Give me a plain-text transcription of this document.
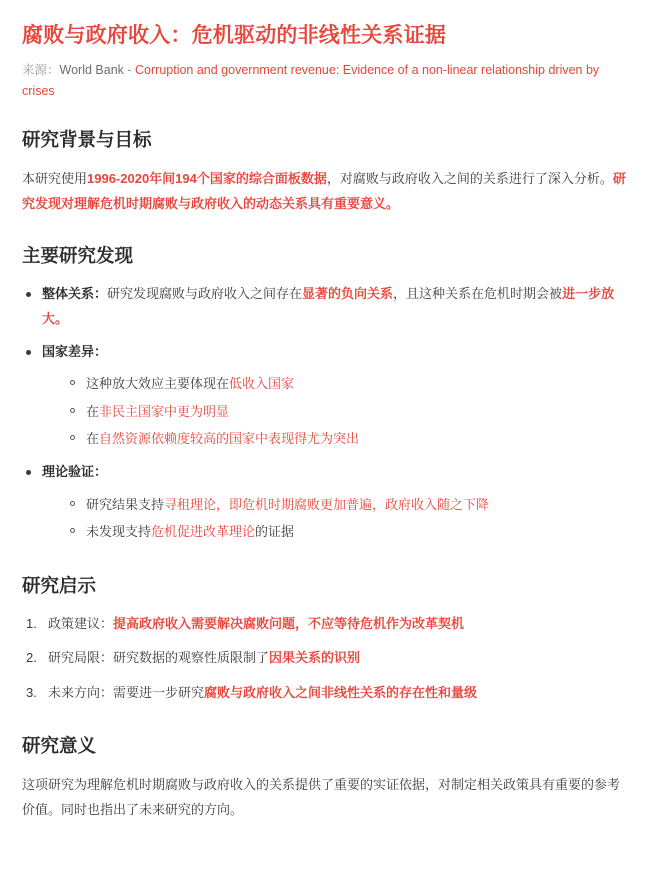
腐败与政府收入：危机驱动的非线性关系证据

来源：World Bank - Corruption and government revenue: Evidence of a non-linear relationship driven by crises

研究背景与目标

本研究使用1996-2020年间194个国家的综合面板数据，对腐败与政府收入之间的关系进行了深入分析。研究发现对理解危机时期腐败与政府收入的动态关系具有重要意义。

主要研究发现
整体关系：研究发现腐败与政府收入之间存在显著的负向关系，且这种关系在危机时期会被进一步放大。
国家差异：
这种放大效应主要体现在低收入国家
在非民主国家中更为明显
在自然资源依赖度较高的国家中表现得尤为突出
理论验证：
研究结果支持寻租理论，即危机时期腐败更加普遍，政府收入随之下降
未发现支持危机促进改革理论的证据
研究启示
政策建议：提高政府收入需要解决腐败问题，不应等待危机作为改革契机
研究局限：研究数据的观察性质限制了因果关系的识别
未来方向：需要进一步研究腐败与政府收入之间非线性关系的存在性和量级
研究意义

这项研究为理解危机时期腐败与政府收入的关系提供了重要的实证依据，对制定相关政策具有重要的参考价值。同时也指出了未来研究的方向。
